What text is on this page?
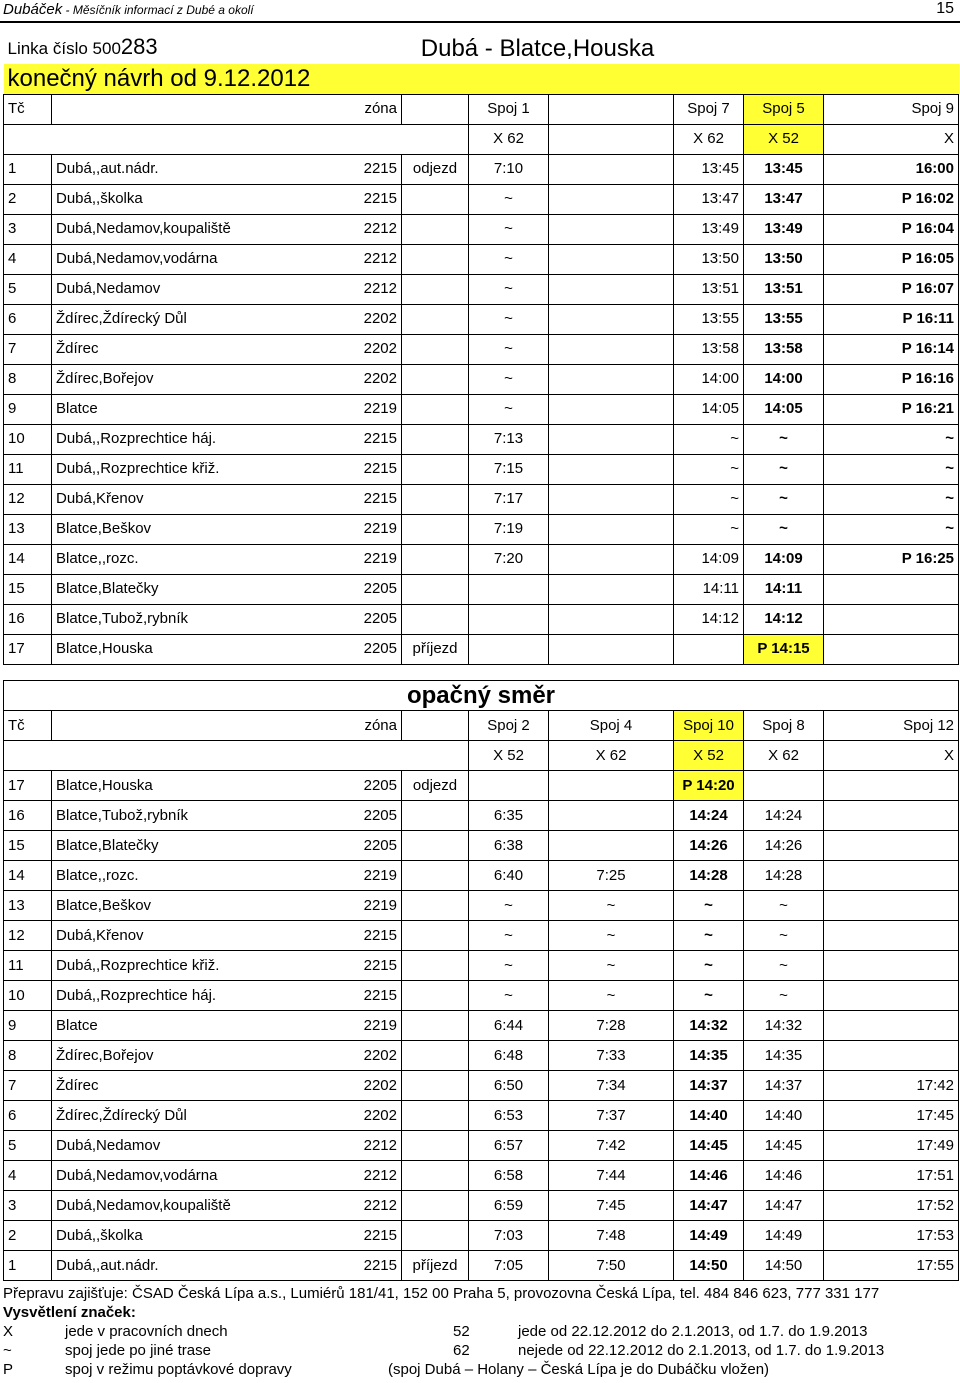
Dubáček - Měsíčník informací z Dubé a okolí	15
Linka číslo 500283		Dubá - Blatce,Houska						
konečný návrh od 9.12.2012								
Tč		zóna		Spoj 1		Spoj 7	Spoj 5	Spoj 9
				X 62		X 62	X 52	X
1	Dubá,,aut.nádr.	2215	odjezd	7:10		13:45	13:45	16:00
2	Dubá,,školka	2215		~		13:47	13:47	P 16:02
3	Dubá,Nedamov,koupaliště	2212		~		13:49	13:49	P 16:04
4	Dubá,Nedamov,vodárna	2212		~		13:50	13:50	P 16:05
5	Dubá,Nedamov	2212		~		13:51	13:51	P 16:07
6	Ždírec,Ždírecký Důl	2202		~		13:55	13:55	P 16:11
7	Ždírec	2202		~		13:58	13:58	P 16:14
8	Ždírec,Bořejov	2202		~		14:00	14:00	P 16:16
9	Blatce	2219		~		14:05	14:05	P 16:21
10	Dubá,,Rozprechtice háj.	2215		7:13		~	~	~
11	Dubá,,Rozprechtice křiž.	2215		7:15		~	~	~
12	Dubá,Křenov	2215		7:17		~	~	~
13	Blatce,Beškov	2219		7:19		~	~	~
14	Blatce,,rozc.	2219		7:20		14:09	14:09	P 16:25
15	Blatce,Blatečky	2205				14:11	14:11	
16	Blatce,Tubož,rybník	2205				14:12	14:12	
17	Blatce,Houska	2205	příjezd				P 14:15	
opačný směr								
Tč		zóna		Spoj 2	Spoj 4	Spoj 10	Spoj 8	Spoj 12
				X 52	X 62	X 52	X 62	X
17	Blatce,Houska	2205	odjezd			P 14:20		
16	Blatce,Tubož,rybník	2205		6:35		14:24	14:24	
15	Blatce,Blatečky	2205		6:38		14:26	14:26	
14	Blatce,,rozc.	2219		6:40	7:25	14:28	14:28	
13	Blatce,Beškov	2219		~	~	~	~	
12	Dubá,Křenov	2215		~	~	~	~	
11	Dubá,,Rozprechtice křiž.	2215		~	~	~	~	
10	Dubá,,Rozprechtice háj.	2215		~	~	~	~	
9	Blatce	2219		6:44	7:28	14:32	14:32	
8	Ždírec,Bořejov	2202		6:48	7:33	14:35	14:35	
7	Ždírec	2202		6:50	7:34	14:37	14:37	17:42
6	Ždírec,Ždírecký Důl	2202		6:53	7:37	14:40	14:40	17:45
5	Dubá,Nedamov	2212		6:57	7:42	14:45	14:45	17:49
4	Dubá,Nedamov,vodárna	2212		6:58	7:44	14:46	14:46	17:51
3	Dubá,Nedamov,koupaliště	2212		6:59	7:45	14:47	14:47	17:52
2	Dubá,,školka	2215		7:03	7:48	14:49	14:49	17:53
1	Dubá,,aut.nádr.	2215	příjezd	7:05	7:50	14:50	14:50	17:55
Přepravu zajišťuje: ČSAD Česká Lípa a.s., Lumiérů 181/41, 152 00 Praha 5, provozovna Česká Lípa, tel. 484 846 623, 777 331 177
Vysvětlení značek:
X	jede v pracovních dnech	52	jede od 22.12.2012 do 2.1.2013, od 1.7. do 1.9.2013
~	spoj jede po jiné trase	62	nejede od 22.12.2012 do 2.1.2013, od 1.7. do 1.9.2013
P	spoj v režimu poptávkové dopravy	(spoj Dubá – Holany – Česká Lípa je do Dubáčku vložen)
